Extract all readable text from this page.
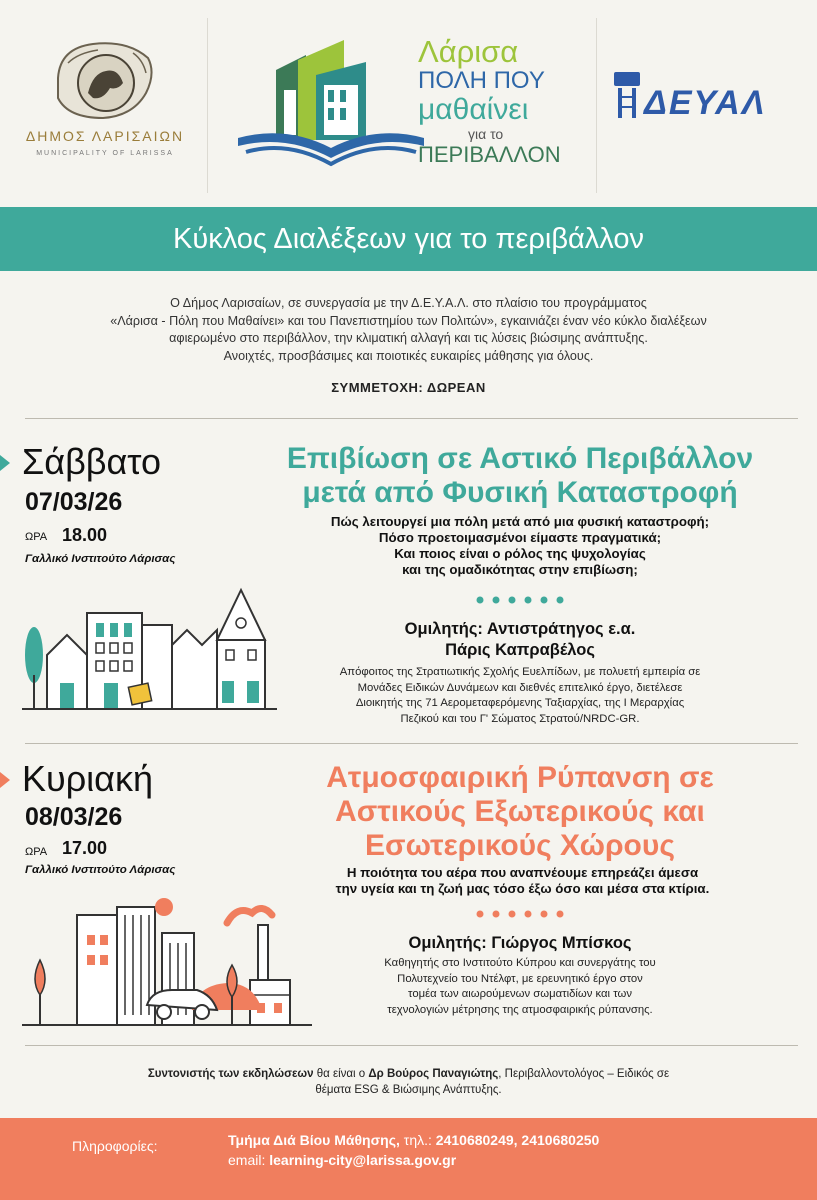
ΔΗΜΟΣ ΛΑΡΙΣΑΙΩΝ
MUNICIPALITY OF LARISSA
Λάρισα
ΠΟΛΗ ΠΟΥ
μαθαίνει
για το
ΠΕΡΙΒΑΛΛΟΝ
ΔΕΥΑΛ
Κύκλος Διαλέξεων για το περιβάλλον
Ο Δήμος Λαρισαίων, σε συνεργασία με την Δ.Ε.Υ.Α.Λ. στο πλαίσιο του προγράμματος
«Λάρισα - Πόλη που Μαθαίνει» και του Πανεπιστημίου των Πολιτών», εγκαινιάζει έναν νέο κύκλο διαλέξεων
αφιερωμένο στο περιβάλλον, την κλιματική αλλαγή και τις λύσεις βιώσιμης ανάπτυξης.
Ανοιχτές, προσβάσιμες και ποιοτικές ευκαιρίες μάθησης για όλους.
ΣΥΜΜΕΤΟΧΗ: ΔΩΡΕΑΝ
Σάββατο
07/03/26
ΩΡΑ 18.00
Γαλλικό Ινστιτούτο Λάρισας
Επιβίωση σε Αστικό Περιβάλλον
μετά από Φυσική Καταστροφή
Πώς λειτουργεί μια πόλη μετά από μια φυσική καταστροφή;
Πόσο προετοιμασμένοι είμαστε πραγματικά;
Και ποιος είναι ο ρόλος της ψυχολογίας
και της ομαδικότητας στην επιβίωση;
Ομιλητής: Αντιστράτηγος ε.α.
Πάρις Καπραβέλος
Απόφοιτος της Στρατιωτικής Σχολής Ευελπίδων, με πολυετή εμπειρία σε
Μονάδες Ειδικών Δυνάμεων και διεθνές επιτελικό έργο, διετέλεσε
Διοικητής της 71 Αερομεταφερόμενης Ταξιαρχίας, της Ι Μεραρχίας
Πεζικού και του Γ' Σώματος Στρατού/NRDC-GR.
Κυριακή
08/03/26
ΩΡΑ 17.00
Γαλλικό Ινστιτούτο Λάρισας
Ατμοσφαιρική Ρύπανση σε
Αστικούς Εξωτερικούς και
Εσωτερικούς Χώρους
Η ποιότητα του αέρα που αναπνέουμε επηρεάζει άμεσα
την υγεία και τη ζωή μας τόσο έξω όσο και μέσα στα κτίρια.
Ομιλητής: Γιώργος Μπίσκος
Καθηγητής στο Ινστιτούτο Κύπρου και συνεργάτης του
Πολυτεχνείο του Ντέλφτ, με ερευνητικό έργο στον
τομέα των αιωρούμενων σωματιδίων και των
τεχνολογιών μέτρησης της ατμοσφαιρικής ρύπανσης.
Συντονιστής των εκδηλώσεων θα είναι ο Δρ Βούρος Παναγιώτης, Περιβαλλοντολόγος – Ειδικός σε
θέματα ESG & Βιώσιμης Ανάπτυξης.
Πληροφορίες:	Τμήμα Διά Βίου Μάθησης, τηλ.: 2410680249, 2410680250
email: learning-city@larissa.gov.gr
